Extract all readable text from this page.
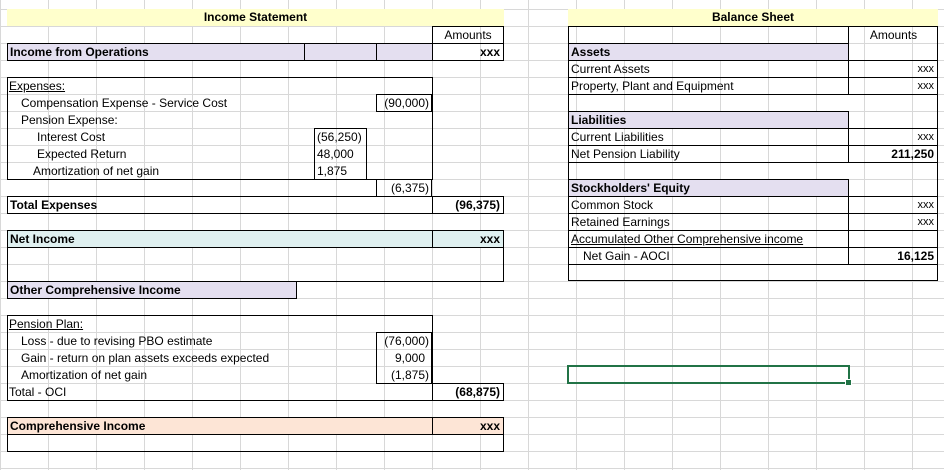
Income Statement
Amounts
Income from Operations	xxx
Expenses:
Compensation Expense - Service Cost	(90,000)
Pension Expense:
Interest Cost	(56,250)
Expected Return	48,000
Amortization of net gain	1,875
(6,375)
Total Expenses	(96,375)
Net Income	xxx
Other Comprehensive Income
Pension Plan:
Loss - due to revising PBO estimate	(76,000)
Gain - return on plan assets exceeds expected	9,000
Amortization of net gain	(1,875)
Total - OCI	(68,875)
Comprehensive Income	xxx
Balance Sheet
Amounts
Assets
Current Assets	xxx
Property, Plant and Equipment	xxx
Liabilities
Current Liabilities	xxx
Net Pension Liability	211,250
Stockholders' Equity
Common Stock	xxx
Retained Earnings	xxx
Accumulated Other Comprehensive income
Net Gain - AOCI	16,125
